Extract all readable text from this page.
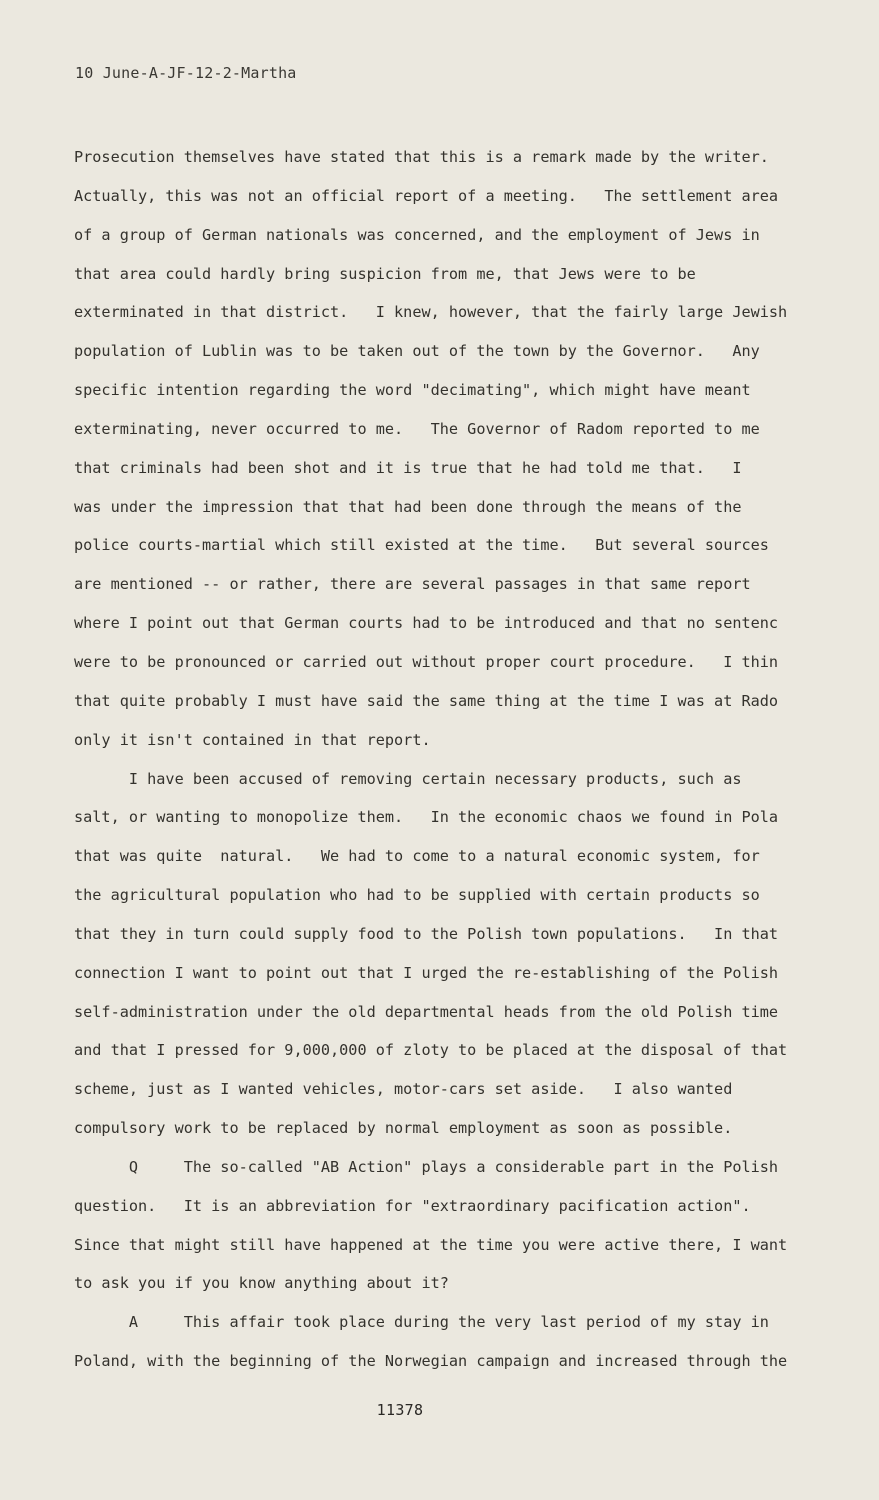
10 June-A-JF-12-2-Martha
Prosecution themselves have stated that this is a remark made by the writer.
Actually, this was not an official report of a meeting.   The settlement area
of a group of German nationals was concerned, and the employment of Jews in
that area could hardly bring suspicion from me, that Jews were to be
exterminated in that district.   I knew, however, that the fairly large Jewish
population of Lublin was to be taken out of the town by the Governor.   Any
specific intention regarding the word "decimating", which might have meant
exterminating, never occurred to me.   The Governor of Radom reported to me
that criminals had been shot and it is true that he had told me that.   I
was under the impression that that had been done through the means of the
police courts-martial which still existed at the time.   But several sources
are mentioned -- or rather, there are several passages in that same report
where I point out that German courts had to be introduced and that no sentenc
were to be pronounced or carried out without proper court procedure.   I thin
that quite probably I must have said the same thing at the time I was at Rado
only it isn't contained in that report.
I have been accused of removing certain necessary products, such as
salt, or wanting to monopolize them.   In the economic chaos we found in Pola
that was quite  natural.   We had to come to a natural economic system, for
the agricultural population who had to be supplied with certain products so
that they in turn could supply food to the Polish town populations.   In that
connection I want to point out that I urged the re-establishing of the Polish
self-administration under the old departmental heads from the old Polish time
and that I pressed for 9,000,000 of zloty to be placed at the disposal of that
scheme, just as I wanted vehicles, motor-cars set aside.   I also wanted
compulsory work to be replaced by normal employment as soon as possible.
Q     The so-called "AB Action" plays a considerable part in the Polish
question.   It is an abbreviation for "extraordinary pacification action".
Since that might still have happened at the time you were active there, I want
to ask you if you know anything about it?
A     This affair took place during the very last period of my stay in
Poland, with the beginning of the Norwegian campaign and increased through the
11378
